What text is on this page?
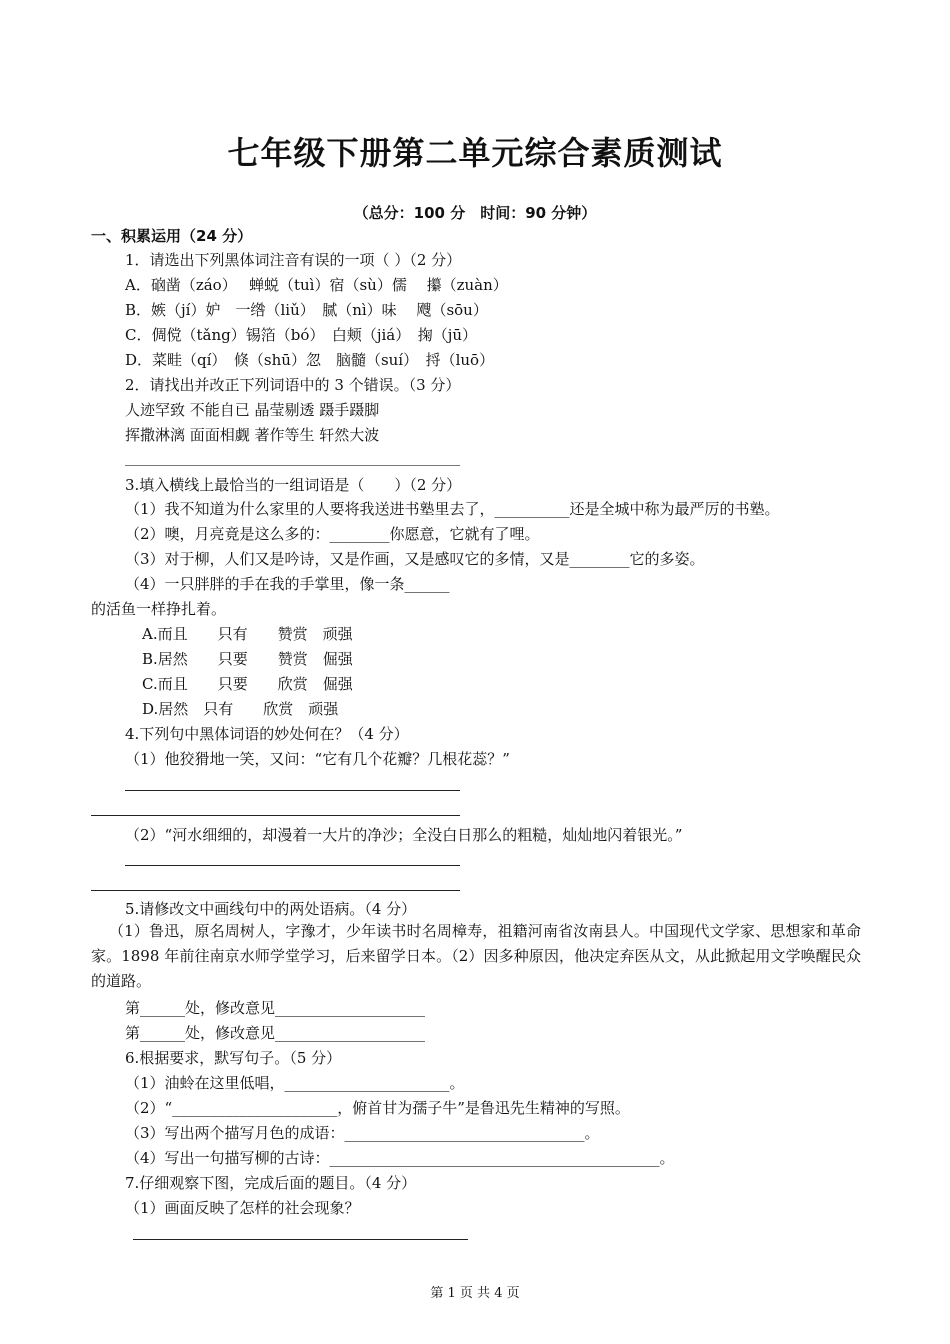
七年级下册第二单元综合素质测试
（总分：100 分　时间：90 分钟）
一、积累运用（24 分）
1．请选出下列黑体词注音有误的一项（ ）（2 分）
A．硇凿（záo）　 蝉蜕（tuì）宿（sù）儒　 攥（zuàn）
B．嫉（jí）妒　一绺（liǔ）　腻（nì）味　 飕（sōu）
C．倜傥（tǎng）锡箔（bó）　白颊（jiá）　掬（jū）
D．菜畦（qí）　倏（shū）忽　脑髓（suí）　捋（luō）
2．请找出并改正下列词语中的 3 个错误。（3 分）
人迹罕致 不能自已 晶莹剔透 蹑手蹑脚
挥撒淋漓 面面相觑 著作等生 轩然大波
3.填入横线上最恰当的一组词语是（　　）（2 分）
（1）我不知道为什么家里的人要将我送进书塾里去了，__________还是全城中称为最严厉的书塾。
（2）噢，月亮竟是这么多的：________你愿意，它就有了哩。
（3）对于柳，人们又是吟诗，又是作画，又是感叹它的多情，又是________它的多姿。
（4）一只胖胖的手在我的手掌里，像一条______
的活鱼一样挣扎着。
A.而且　　只有　　赞赏　顽强
B.居然　　只要　　赞赏　倔强
C.而且　　只要　　欣赏　倔强
D.居然　只有　　欣赏　顽强
4.下列句中黑体词语的妙处何在？（4 分）
（1）他狡猾地一笑，又问：“它有几个花瓣？几根花蕊？”
（2）“河水细细的，却漫着一大片的净沙；全没白日那么的粗糙，灿灿地闪着银光。”
5.请修改文中画线句中的两处语病。（4 分）
（1）鲁迅，原名周树人，字豫才，少年读书时名周樟寿，祖籍河南省汝南县人。中国现代文学家、思想家和革命家。1898 年前往南京水师学堂学习，后来留学日本。（2）因多种原因，他决定弃医从文，从此掀起用文学唤醒民众的道路。
第______处，修改意见____________________
第______处，修改意见____________________
6.根据要求，默写句子。（5 分）
（1）油蛉在这里低唱，______________________。
（2）“______________________，俯首甘为孺子牛”是鲁迅先生精神的写照。
（3）写出两个描写月色的成语：________________________________。
（4）写出一句描写柳的古诗：____________________________________________。
7.仔细观察下图，完成后面的题目。（4 分）
（1）画面反映了怎样的社会现象？
第 1 页 共 4 页
